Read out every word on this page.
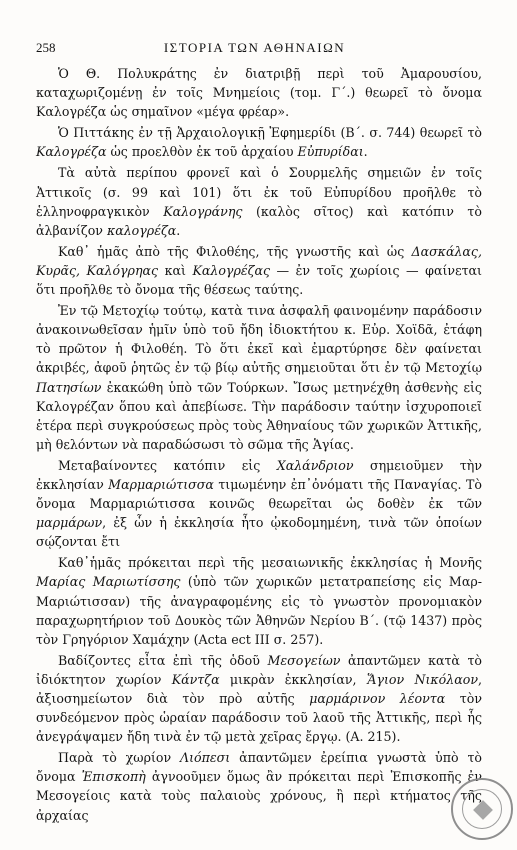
258	ΙΣΤΟΡΙΑ ΤΩΝ ΑΘΗΝΑΙΩΝ

Ὁ Θ. Πολυκράτης ἐν διατριβῇ περὶ τοῦ Ἀμαρουσίου, καταχωριζομένῃ ἐν τοῖς Μνημείοις (τομ. Γ΄.) θεωρεῖ τὸ ὄνομα Καλογρέζα ὡς σημαῖνον «μέγα φρέαρ».

Ὁ Πιττάκης ἐν τῇ Ἀρχαιολογικῇ Ἐφημερίδι (Β΄. σ. 744) θεωρεῖ τὸ Καλογρέζα ὡς προελθὸν ἐκ τοῦ ἀρχαίου Εὐπυρίδαι.

Τὰ αὐτὰ περίπου φρονεῖ καὶ ὁ Σουρμελῆς σημειῶν ἐν τοῖς Ἀττικοῖς (σ. 99 καὶ 101) ὅτι ἐκ τοῦ Εὐπυρίδου προῆλθε τὸ ἑλληνοφραγκικὸν Καλογράνης (καλὸς σῖτος) καὶ κατόπιν τὸ ἀλβανίζον καλογρέζα.

Καθ᾿ ἡμᾶς ἀπὸ τῆς Φιλοθέης, τῆς γνωστῆς καὶ ὡς Δασκάλας, Κυρᾶς, Καλόγρηας καὶ Καλογρέζας — ἐν τοῖς χωρίοις — φαίνεται ὅτι προῆλθε τὸ ὄνομα τῆς θέσεως ταύτης.

Ἐν τῷ Μετοχίῳ τούτῳ, κατὰ τινα ἀσφαλῆ φαινομένην παράδοσιν ἀνακοινωθεῖσαν ἡμῖν ὑπὸ τοῦ ἤδη ἰδιοκτήτου κ. Εὐρ. Χοϊδᾶ, ἐτάφη τὸ πρῶτον ἡ Φιλοθέη. Τὸ ὅτι ἐκεῖ καὶ ἐμαρτύρησε δὲν φαίνεται ἀκριβές, ἀφοῦ ῥητῶς ἐν τῷ βίῳ αὐτῆς σημειοῦται ὅτι ἐν τῷ Μετοχίῳ Πατησίων ἐκακώθη ὑπὸ τῶν Τούρκων. Ἴσως μετηνέχθη ἀσθενὴς εἰς Καλογρέζαν ὅπου καὶ ἀπεβίωσε. Τὴν παράδοσιν ταύτην ἰσχυροποιεῖ ἑτέρα περὶ συγκρούσεως πρὸς τοὺς Ἀθηναίους τῶν χωρικῶν Ἀττικῆς, μὴ θελόντων νὰ παραδώσωσι τὸ σῶμα τῆς Ἁγίας.

Μεταβαίνοντες κατόπιν εἰς Χαλάνδριον σημειοῦμεν τὴν ἐκκλησίαν Μαρμαριώτισσα τιμωμένην ἐπ᾿ὀνόματι τῆς Παναγίας. Τὸ ὄνομα Μαρμαριώτισσα κοινῶς θεωρεῖται ὡς δοθὲν ἐκ τῶν μαρμάρων, ἐξ ὧν ἡ ἐκκλησία ἦτο ᾠκοδομημένη, τινὰ τῶν ὁποίων σῴζονται ἔτι

Καθ᾿ἡμᾶς πρόκειται περὶ τῆς μεσαιωνικῆς ἐκκλησίας ἡ Μονῆς Μαρίας Μαριωτίσσης (ὑπὸ τῶν χωρικῶν μετατραπείσης εἰς Μαρ-Μαριώτισσαν) τῆς ἀναγραφομένης εἰς τὸ γνωστὸν προνομιακὸν παραχωρητήριον τοῦ Δουκὸς τῶν Ἀθηνῶν Νερίου Β΄. (τῷ 1437) πρὸς τὸν Γρηγόριον Χαμάχην (Acta ect III σ. 257).

Βαδίζοντες εἶτα ἐπὶ τῆς ὁδοῦ Μεσογείων ἀπαντῶμεν κατὰ τὸ ἰδιόκτητον χωρίον Κάντζα μικρὰν ἐκκλησίαν, Ἅγιον Νικόλαον, ἀξιοσημείωτον διὰ τὸν πρὸ αὐτῆς μαρμάρινον λέοντα τὸν συνδεόμενον πρὸς ὡραίαν παράδοσιν τοῦ λαοῦ τῆς Ἀττικῆς, περὶ ἧς ἀνεγράψαμεν ἤδη τινὰ ἐν τῷ μετὰ χεῖρας ἔργῳ. (Α. 215).

Παρὰ τὸ χωρίον Λιόπεσι ἀπαντῶμεν ἐρείπια γνωστὰ ὑπὸ τὸ ὄνομα Ἐπισκοπὴ ἀγνοοῦμεν ὅμως ἂν πρόκειται περὶ Ἐπισκοπῆς ἐν Μεσογείοις κατὰ τοὺς παλαιοὺς χρόνους, ἢ περὶ κτήματος τῆς ἀρχαίας
